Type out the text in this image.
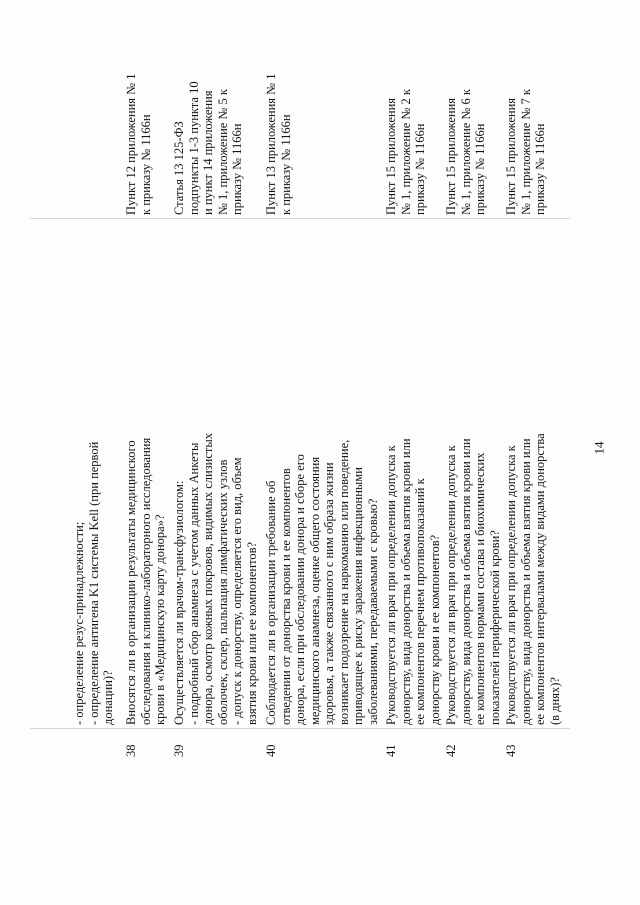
14
- определение резус-принадлежности; - определение антигена K1 системы Kell (при первой донации)?
38
Вносятся ли в организации результаты медицинского обследования и клинико-лабораторного исследования крови в «Медицинскую карту донора»?
Пункт 12 приложения № 1 к приказу № 1166н
39
Осуществляется ли врачом-трансфузиологом: - подробный сбор анамнеза с учетом данных Анкеты донора, осмотр кожных покровов, видимых слизистых оболочек, склер, пальпация лимфатических узлов - допуск к донорству, определяется его вид, объем взятия крови или ее компонентов?
Статья 13 125-ФЗ подпункты 1-3 пункта 10 и пункт 14 приложения № 1, приложение № 5 к приказу № 1166н
40
Соблюдается ли в организации требование об отведении от донорства крови и ее компонентов донора, если при обследовании донора и сборе его медицинского анамнеза, оценке общего состояния здоровья, а также связанного с ним образа жизни возникает подозрение на наркоманию или поведение, приводящее к риску заражения инфекционными заболеваниями, передаваемыми с кровью?
Пункт 13 приложения № 1 к приказу № 1166н
41
Руководствуется ли врач при определении допуска к донорству, вида донорства и объема взятия крови или ее компонентов перечнем противопоказаний к донорству крови и ее компонентов?
Пункт 15 приложения № 1, приложение № 2 к приказу № 1166н
42
Руководствуется ли врач при определении допуска к донорству, вида донорства и объема взятия крови или ее компонентов нормами состава и биохимических показателей периферической крови?
Пункт 15 приложения № 1, приложение № 6 к приказу № 1166н
43
Руководствуется ли врач при определении допуска к донорству, вида донорства и объема взятия крови или ее компонентов интервалами между видами донорства (в днях)?
Пункт 15 приложения № 1, приложение № 7 к приказу № 1166н
